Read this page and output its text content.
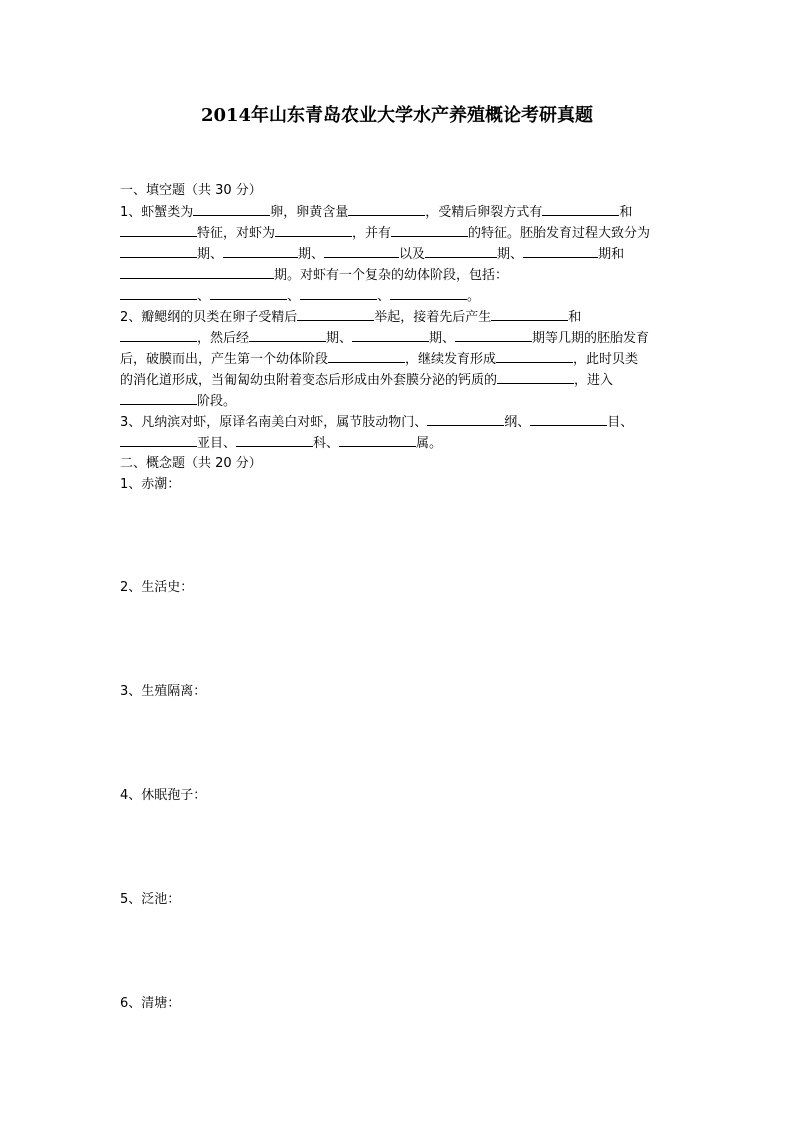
2014年山东青岛农业大学水产养殖概论考研真题
一、填空题（共 30 分）
1、虾蟹类为	卵，卵黄含量	，受精后卵裂方式有	和
特征，对虾为	，并有	的特征。胚胎发育过程大致分为
期、	期、	以及	期、	期和
期。对虾有一个复杂的幼体阶段，包括：
、	、	、	。
2、瓣鳃纲的贝类在卵子受精后	举起，接着先后产生	和
，然后经	期、	期、	期等几期的胚胎发育
后，破膜而出，产生第一个幼体阶段	，继续发育形成	，此时贝类
的消化道形成，当匍匐幼虫附着变态后形成由外套膜分泌的钙质的	，进入
阶段。
3、凡纳滨对虾，原译名南美白对虾，属节肢动物门、	纲、	目、
亚目、	科、	属。
二、概念题（共 20 分）
1、赤潮：
2、生活史：
3、生殖隔离：
4、休眠孢子：
5、泛池：
6、清塘：
